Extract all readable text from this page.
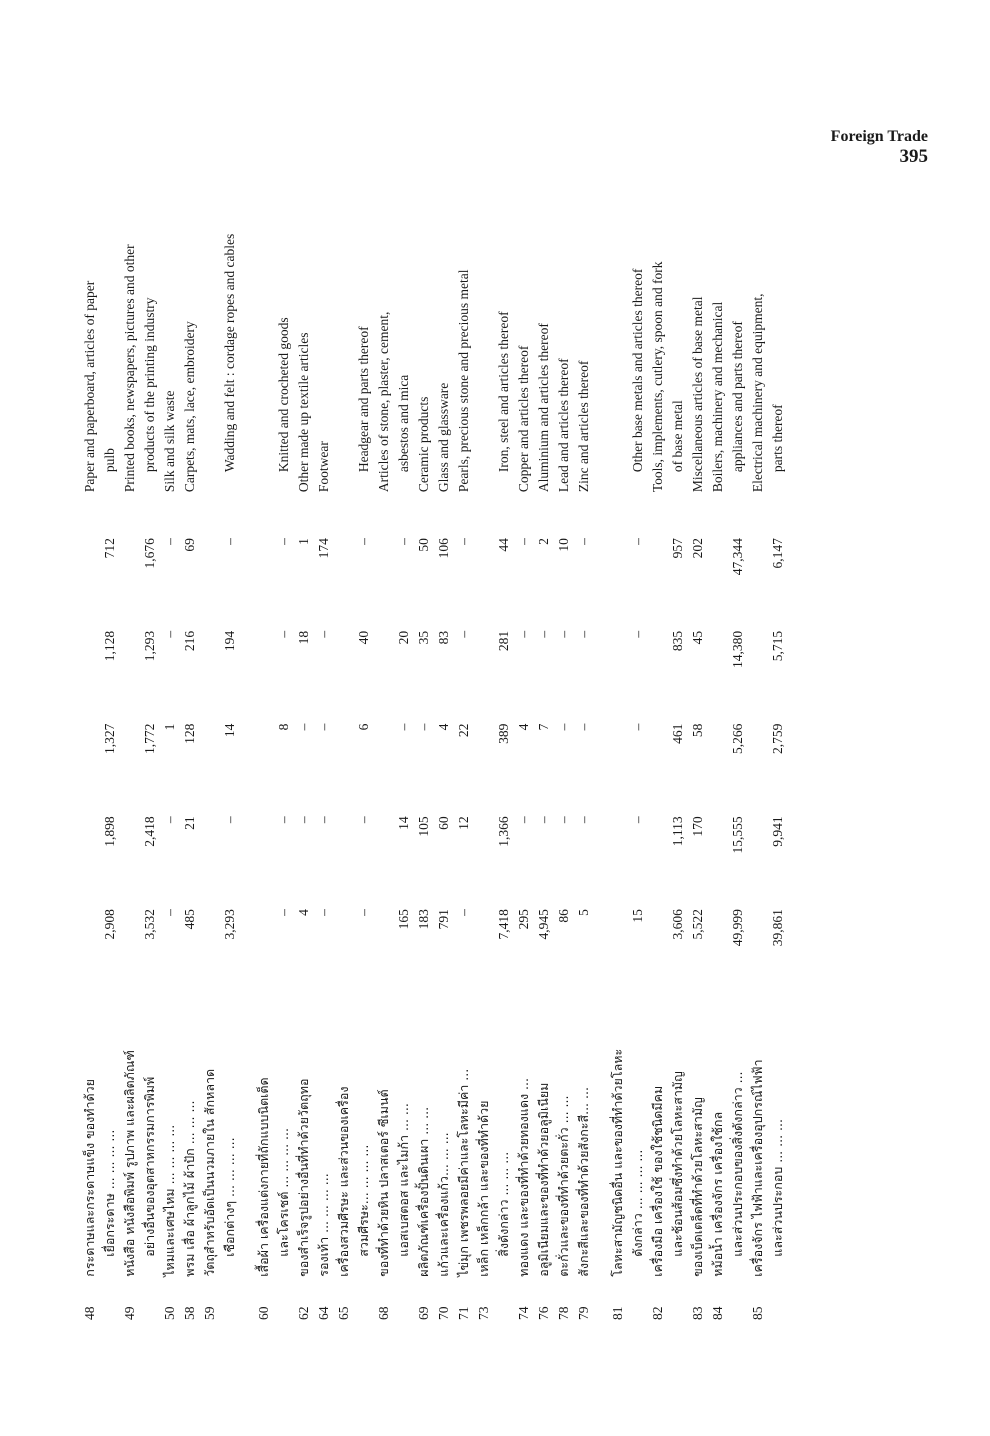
Foreign Trade
395
48	กระดาษและกระดาษแข็ง ของทำด้วย						Paper and paperboard, articles of paper
	เยื่อกระดาษ ... ... ... ...	2,908	1,898	1,327	1,128	712	pulb
49	หนังสือ หนังสือพิมพ์ รูปภาพ และผลิตภัณฑ์						Printed books, newspapers, pictures and other
	อย่างอื่นของอุตสาหกรรมการพิมพ์	3,532	2,418	1,772	1,293	1,676	products of the printing industry
50	ไหมและเศษไหม ... ... ... ...	–	–	1	–	–	Silk and silk waste
58	พรม เสื่อ ผ้าลูกไม้ ผ้าปัก ... ... ...	485	21	128	216	69	Carpets, mats, lace, embroidery
59	วัตถุสำหรับอัดเป็นนวมภายใน สักหลาด						
	เชือกต่างๆ ... ... ... ...	3,293	–	14	194	–	Wadding and felt : cordage ropes and cables

60	เสื้อผ้า เครื่องแต่งกายที่ถักแบบนิตเต็ด						
	และโครเชต์ ... ... ... ...	–	–	8	–	–	Knitted and crocheted goods
62	ของสำเร็จรูปอย่างอื่นที่ทำด้วยวัตถุทอ	4	–	–	18	1	Other made up textile articles
64	รองเท้า ... ... ... ...	–	–	–	–	174	Footwear
65	เครื่องสวมศีรษะ และส่วนของเครื่อง						
	สวมศีรษะ... ... ... ...	–	–	6	40	–	Headgear and parts thereof
68	ของที่ทำด้วยหิน ปลาสเตอร์ ซีเมนต์						Articles of stone, plaster, cement,
	แอสเบสตอส และไมก้า ... ...	165	14	–	20	–	asbestos and mica
69	ผลิตภัณฑ์เครื่องปั้นดินเผา ... ...	183	105	–	35	50	Ceramic products
70	แก้วและเครื่องแก้ว... ... ...	791	60	4	83	106	Glass and glassware
71	ไข่มุก เพชรพลอยมีค่าและโลหะมีค่า ...	–	12	22	–	–	Pearls, precious stone and precious metal
73	เหล็ก เหล็กกล้า และของที่ทำด้วย						
	สิ่งดังกล่าว ... ... ...	7,418	1,366	389	281	44	Iron, steel and articles thereof
74	ทองแดง และของที่ทำด้วยทองแดง ...	295	–	4	–	–	Copper and articles thereof
76	อลูมิเนียมและของที่ทำด้วยอลูมิเนียม	4,945	–	7	–	2	Aluminium and articles thereof
78	ตะกั่วและของที่ทำด้วยตะกั่ว ... ...	86	–	–	–	10	Lead and articles thereof
79	สังกะสีและของที่ทำด้วยสังกะสี... ...	5	–	–	–	–	Zinc and articles thereof

81	โลหะสามัญชนิดอื่น และของที่ทำด้วยโลหะ						
	ดังกล่าว ... ... ... ...	15	–	–	–	–	Other base metals and articles thereof
82	เครื่องมือ เครื่องใช้ ของใช้ชนิดมีคม						Tools, implements, cutlery, spoon and fork
	และช้อนส้อมซึ่งทำด้วยโลหะสามัญ	3,606	1,113	461	835	957	of base metal
83	ของเบ็ดเตล็ดที่ทำด้วยโลหะสามัญ	5,522	170	58	45	202	Miscellaneous articles of base metal
84	หม้อน้ำ เครื่องจักร เครื่องใช้กล						Boilers, machinery and mechanical
	และส่วนประกอบของสิ่งดังกล่าว ...	49,999	15,555	5,266	14,380	47,344	appliances and parts thereof
85	เครื่องจักร ไฟฟ้าและเครื่องอุปกรณ์ไฟฟ้า						Electrical machinery and equipment,
	และส่วนประกอบ ... ... ...	39,861	9,941	2,759	5,715	6,147	parts thereof
